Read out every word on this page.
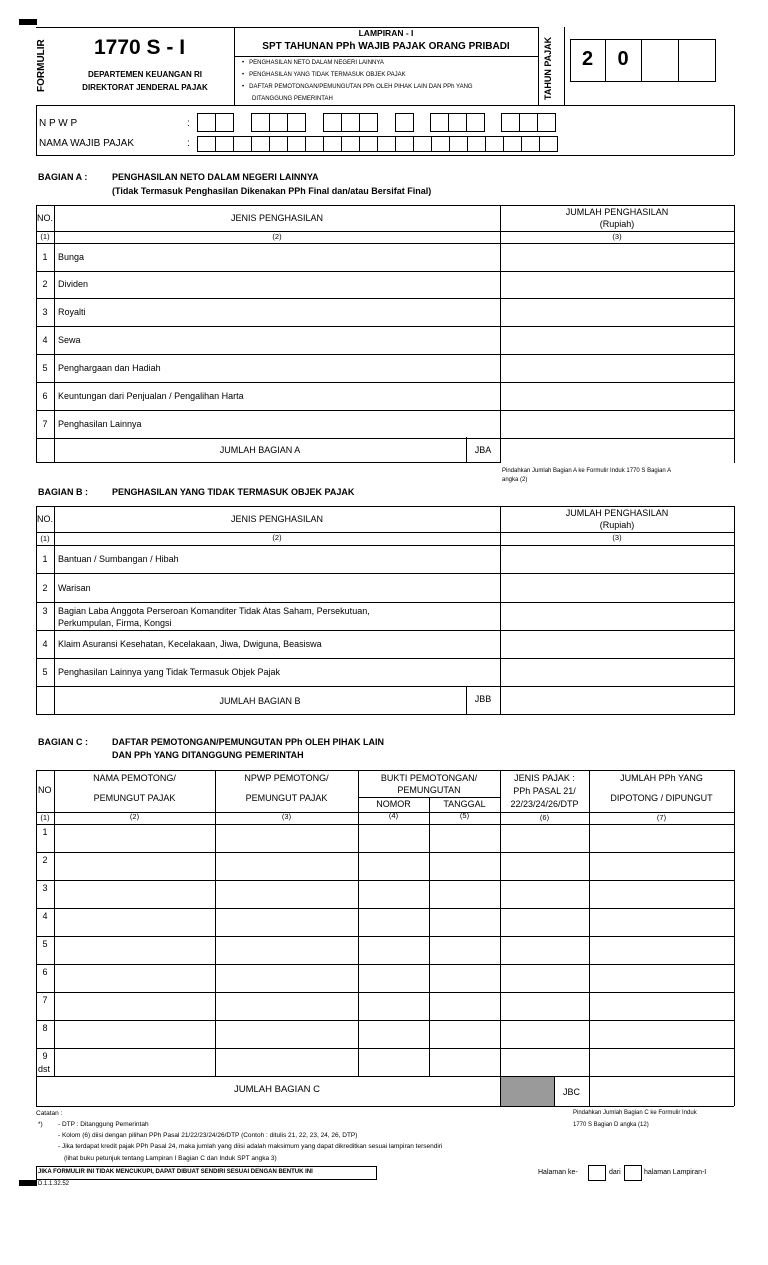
FORMULIR 1770 S - I
DEPARTEMEN KEUANGAN RI
DIREKTORAT JENDERAL PAJAK
LAMPIRAN - I
SPT TAHUNAN PPh WAJIB PAJAK ORANG PRIBADI
•   PENGHASILAN NETO DALAM NEGERI LAINNYA
•   PENGHASILAN YANG TIDAK TERMASUK OBJEK PAJAK
•   DAFTAR PEMOTONGAN/PEMUNGUTAN PPh OLEH PIHAK LAIN DAN PPh YANG
DITANGGUNG PEMERINTAH	TAHUN PAJAK	2	0
N P W P	:
NAMA WAJIB PAJAK	:
BAGIAN A :	PENGHASILAN NETO DALAM NEGERI LAINNYA
(Tidak Termasuk Penghasilan Dikenakan PPh Final dan/atau Bersifat Final)
NO.	JENIS PENGHASILAN
JUMLAH PENGHASILAN
(Rupiah)
(1)	(2)	(3)
1	Bunga
2	Dividen
3	Royalti
4	Sewa
5	Penghargaan dan Hadiah
6	Keuntungan dari Penjualan / Pengalihan Harta
7	Penghasilan Lainnya
JUMLAH BAGIAN A	JBA
Pindahkan Jumlah Bagian A ke Formulir Induk 1770 S Bagian A
angka (2)
BAGIAN B :	PENGHASILAN YANG TIDAK TERMASUK OBJEK PAJAK
NO.	JENIS PENGHASILAN
JUMLAH PENGHASILAN
(Rupiah)
(1)	(2)	(3)
1	Bantuan / Sumbangan / Hibah
2	Warisan
3	Bagian Laba Anggota Perseroan Komanditer Tidak Atas Saham, Persekutuan,
Perkumpulan, Firma, Kongsi
4	Klaim Asuransi Kesehatan, Kecelakaan, Jiwa, Dwiguna, Beasiswa
5	Penghasilan Lainnya yang Tidak Termasuk Objek Pajak
JUMLAH BAGIAN B	JBB
BAGIAN C :	DAFTAR PEMOTONGAN/PEMUNGUTAN PPh OLEH PIHAK LAIN
DAN PPh YANG DITANGGUNG PEMERINTAH
NO
NAMA PEMOTONG/
PEMUNGUT PAJAK
NPWP PEMOTONG/
PEMUNGUT PAJAK
BUKTI PEMOTONGAN/
PEMUNGUTAN
NOMOR	TANGGAL
JENIS PAJAK :
PPh PASAL 21/
22/23/24/26/DTP
JUMLAH PPh YANG
DIPOTONG / DIPUNGUT
(1)	(2)	(3)	(4)	(5)	(6)	(7)
1
2
3
4
5
6
7
8
9
dst
JUMLAH BAGIAN C	JBC
Pindahkan Jumlah Bagian C ke Formulir Induk
1770 S Bagian D angka (12)
Catatan :
*) - DTP : Ditanggung Pemerintah
- Kolom (6) diisi dengan pilihan PPh Pasal 21/22/23/24/26/DTP (Contoh : ditulis 21, 22, 23, 24, 26, DTP)
- Jika terdapat kredit pajak PPh Pasal 24, maka jumlah yang diisi adalah maksimum yang dapat dikreditkan sesuai lampiran tersendiri
(lihat buku petunjuk tentang Lampiran I Bagian C dan Induk SPT angka 3)
JIKA FORMULIR INI TIDAK MENCUKUPI, DAPAT DIBUAT SENDIRI SESUAI DENGAN BENTUK INI
D.1.1.32.52
Halaman ke-	dari	halaman Lampiran-I
